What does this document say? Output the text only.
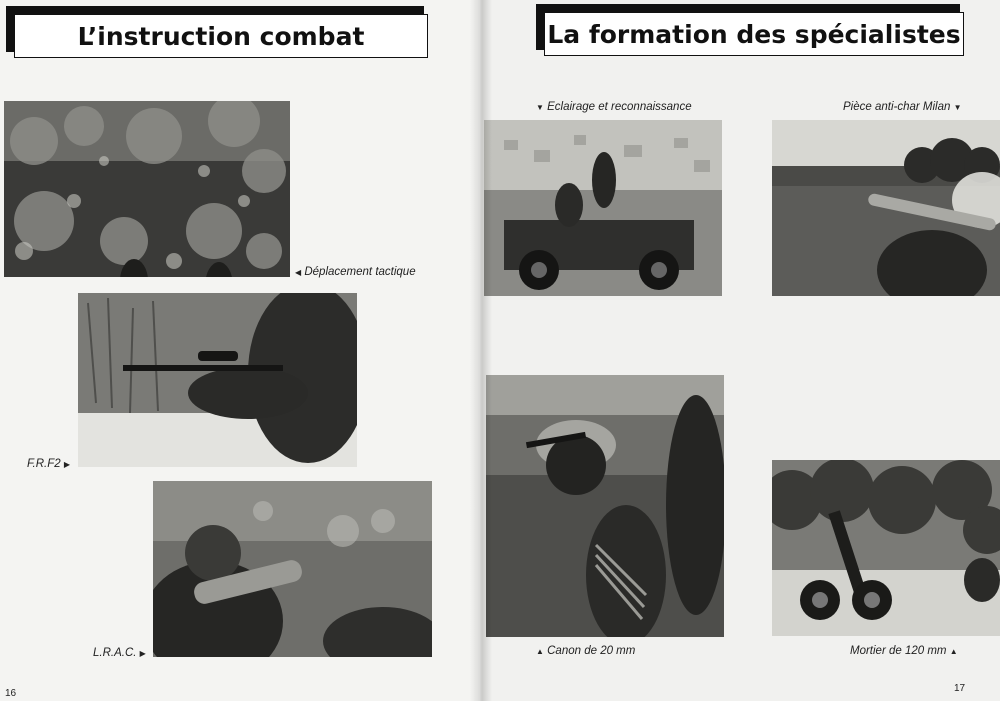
L’instruction combat
◀ Déplacement tactique
F.R.F2 ▶
L.R.A.C. ▶
16
La formation des spécialistes
▼ Eclairage et reconnaissance	Pièce anti-char Milan ▼
▲ Canon de 20 mm	Mortier de 120 mm ▲
17
